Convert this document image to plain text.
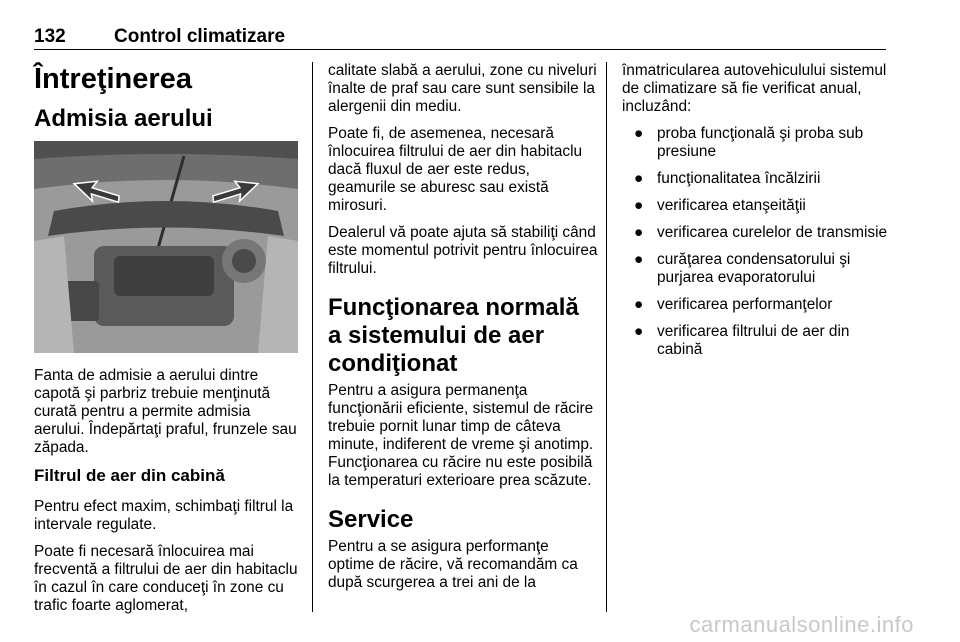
132	Control climatizare
Întreţinerea
Admisia aerului

Fanta de admisie a aerului dintre capotă şi parbriz trebuie menţinută curată pentru a permite admisia aerului. Îndepărtaţi praful, frunzele sau zăpada.

Filtrul de aer din cabină

Pentru efect maxim, schimbaţi filtrul la intervale regulate.

Poate fi necesară înlocuirea mai frecventă a filtrului de aer din habitaclu în cazul în care conduceţi în zone cu trafic foarte aglomerat,

calitate slabă a aerului, zone cu niveluri înalte de praf sau care sunt sensibile la alergenii din mediu.

Poate fi, de asemenea, necesară înlocuirea filtrului de aer din habitaclu dacă fluxul de aer este redus, geamurile se aburesc sau există mirosuri.

Dealerul vă poate ajuta să stabiliţi când este momentul potrivit pentru înlocuirea filtrului.

Funcţionarea normală a sistemului de aer condiţionat

Pentru a asigura permanenţa funcţionării eficiente, sistemul de răcire trebuie pornit lunar timp de câteva minute, indiferent de vreme şi anotimp. Funcţionarea cu răcire nu este posibilă la temperaturi exterioare prea scăzute.

Service

Pentru a se asigura performanţe optime de răcire, vă recomandăm ca după scurgerea a trei ani de la

înmatricularea autovehiculului sistemul de climatizare să fie verificat anual, incluzând:

● proba funcţională şi proba sub presiune
● funcţionalitatea încălzirii
● verificarea etanşeităţii
● verificarea curelelor de transmisie
● curăţarea condensatorului şi purjarea evaporatorului
● verificarea performanţelor
● verificarea filtrului de aer din cabină
carmanualsonline.info
